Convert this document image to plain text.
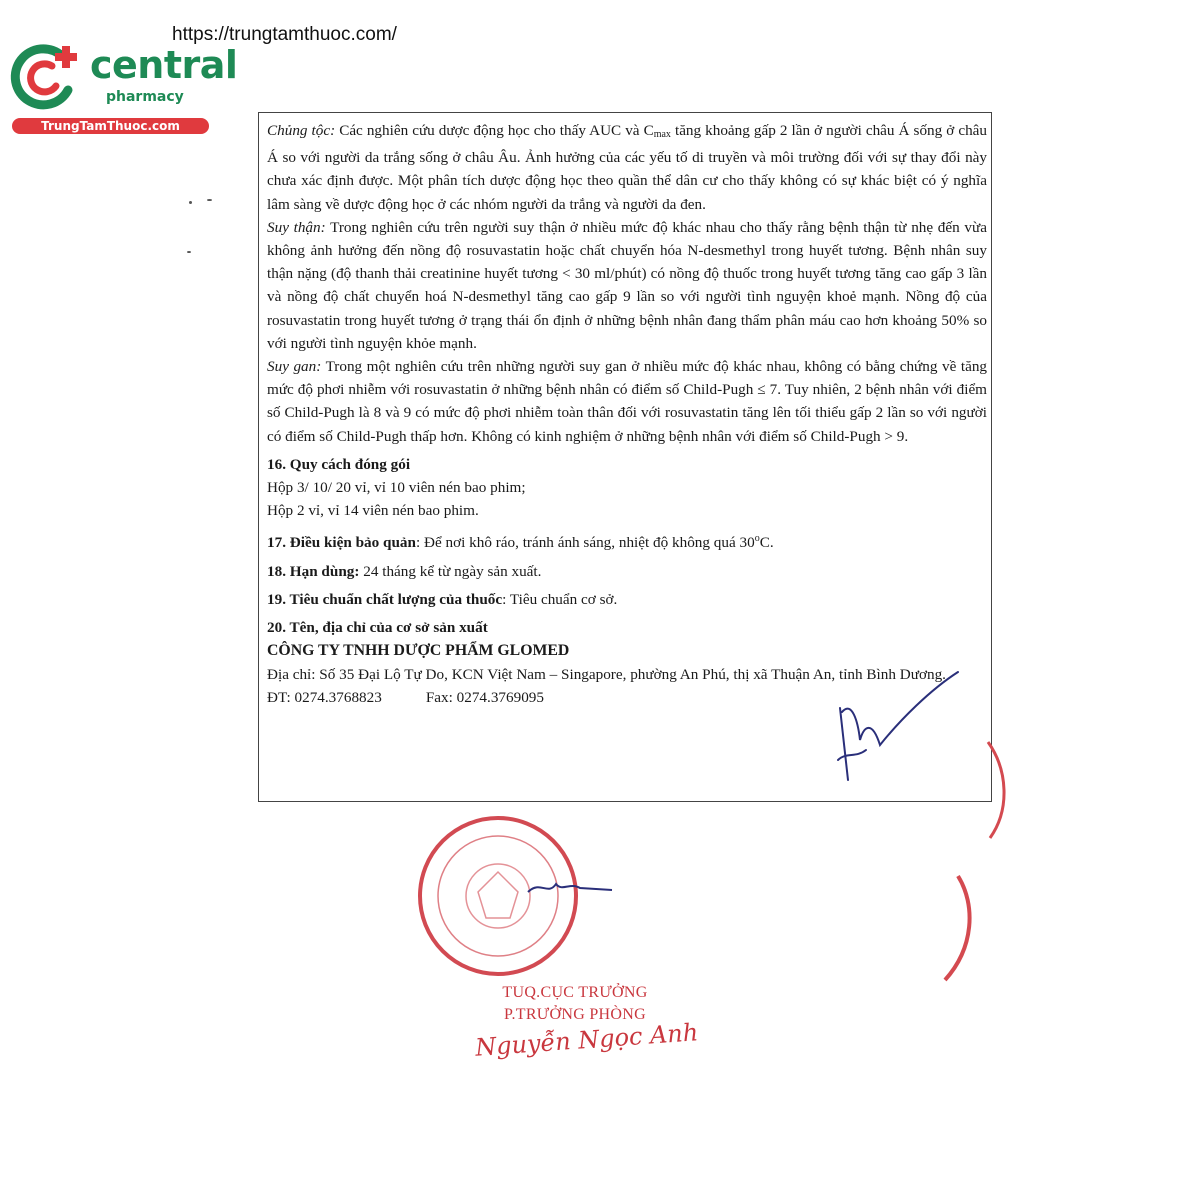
https://trungtamthuoc.com/
central
pharmacy
TrungTamThuoc.com	Chủng tộc: Các nghiên cứu dược động học cho thấy AUC và $C_{max}$ tăng khoảng gấp 2 lần ở người châu Á sống ở châu Á so với người da trắng sống ở châu Âu. Ảnh hưởng của các yếu tố di truyền và môi trường đối với sự thay đổi này chưa xác định được. Một phân tích dược động học theo quần thể dân cư cho thấy không có sự khác biệt có ý nghĩa lâm sàng về dược động học ở các nhóm người da trắng và người da đen.

Suy thận: Trong nghiên cứu trên người suy thận ở nhiều mức độ khác nhau cho thấy rằng bệnh thận từ nhẹ đến vừa không ảnh hưởng đến nồng độ rosuvastatin hoặc chất chuyển hóa N-desmethyl trong huyết tương. Bệnh nhân suy thận nặng (độ thanh thải creatinine huyết tương < 30 ml/phút) có nồng độ thuốc trong huyết tương tăng cao gấp 3 lần và nồng độ chất chuyển hoá N-desmethyl tăng cao gấp 9 lần so với người tình nguyện khoẻ mạnh. Nồng độ của rosuvastatin trong huyết tương ở trạng thái ổn định ở những bệnh nhân đang thẩm phân máu cao hơn khoảng 50% so với người tình nguyện khỏe mạnh.

Suy gan: Trong một nghiên cứu trên những người suy gan ở nhiều mức độ khác nhau, không có bằng chứng về tăng mức độ phơi nhiễm với rosuvastatin ở những bệnh nhân có điểm số Child-Pugh ≤ 7. Tuy nhiên, 2 bệnh nhân với điểm số Child-Pugh là 8 và 9 có mức độ phơi nhiễm toàn thân đối với rosuvastatin tăng lên tối thiểu gấp 2 lần so với người có điểm số Child-Pugh thấp hơn. Không có kinh nghiệm ở những bệnh nhân với điểm số Child-Pugh > 9.

16. Quy cách đóng gói

Hộp 3/ 10/ 20 vỉ, vỉ 10 viên nén bao phim;

Hộp 2 vỉ, vỉ 14 viên nén bao phim.

17. Điều kiện bảo quản: Để nơi khô ráo, tránh ánh sáng, nhiệt độ không quá 30$^o$C.

18. Hạn dùng: 24 tháng kể từ ngày sản xuất.

19. Tiêu chuẩn chất lượng của thuốc: Tiêu chuẩn cơ sở.

20. Tên, địa chỉ của cơ sở sản xuất

CÔNG TY TNHH DƯỢC PHẨM GLOMED

Địa chỉ: Số 35 Đại Lộ Tự Do, KCN Việt Nam – Singapore, phường An Phú, thị xã Thuận An, tỉnh Bình Dương.

ĐT: 0274.3768823	Fax: 0274.3769095

TUQ.CỤC TRƯỞNG
P.TRƯỞNG PHÒNG
Nguyễn Ngọc Anh
